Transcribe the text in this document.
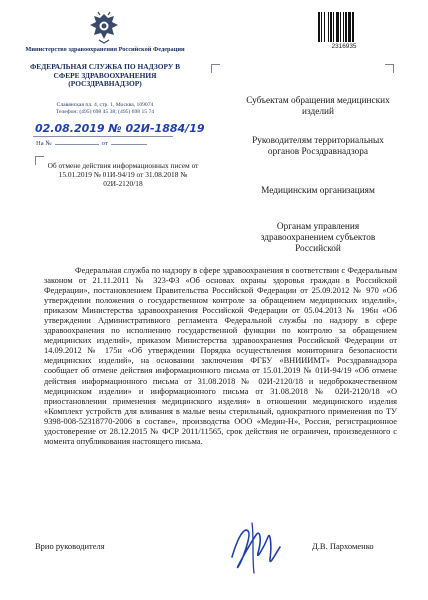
Министерство здравоохранения Российской Федерации
ФЕДЕРАЛЬНАЯ СЛУЖБА ПО НАДЗОРУ В СФЕРЕ ЗДРАВООХРАНЕНИЯ (РОСЗДРАВНАДЗОР)
Славянская пл. 4, стр. 1, Москва, 109074
Телефон: (495) 698 45 38; (495) 698 15 74
02.08.2019 № 02И-1884/19
На №	от
Об отмене действия информационных писем от 15.01.2019 № 01И-94/19 от 31.08.2018 № 02И-2120/18
2316935
Субъектам обращения медицинских изделий
Руководителям территориальных органов Росздравнадзора
Медицинским организациям
Органам управления здравоохранением субъектов Российской

Федеральная служба по надзору в сфере здравоохранения в соответствии с Федеральным законом от 21.11.2011 № 323-ФЗ «Об основах охраны здоровья граждан в Российской Федерации», постановлением Правительства Российской Федерации от 25.09.2012 № 970 «Об утверждении положения о государственном контроле за обращением медицинских изделий», приказом Министерства здравоохранения Российской Федерации от 05.04.2013 № 196н «Об утверждении Административного регламента Федеральной службы по надзору в сфере здравоохранения по исполнению государственной функции по контролю за обращением медицинских изделий», приказом Министерства здравоохранения Российской Федерации от 14.09.2012 № 175н «Об утверждении Порядка осуществления мониторинга безопасности медицинских изделий», на основании заключения ФГБУ «ВНИИИМТ» Росздравнадзора сообщает об отмене действия информационного письма от 15.01.2019 № 01И-94/19 «Об отмене действия информационного письма от 31.08.2018 № 02И-2120/18 и недоброкачественном медицинском изделии» и информационного письма от 31.08.2018 № 02И-2120/18 «О приостановлении применения медицинского изделия» в отношении медицинского изделия «Комплект устройств для вливания в малые вены стерильный, однократного применения по ТУ 9398-008-52318770-2006 в составе», производства ООО «Медин-Н», Россия, регистрационное удостоверение от 28.12.2015 № ФСР 2011/11565, срок действия не ограничен, произведенного с момента опубликования настоящего письма.

Врио руководителя	Д.В. Пархоменко
